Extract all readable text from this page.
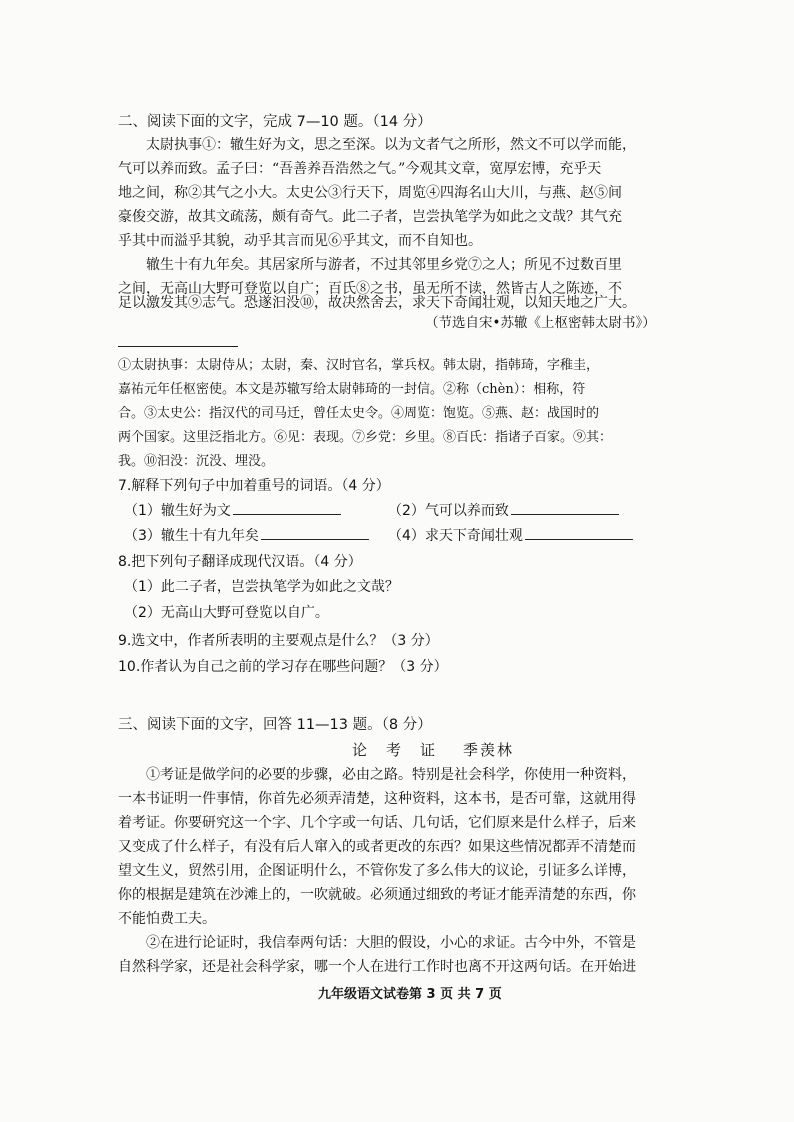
二、阅读下面的文字，完成 7—10 题。（14 分）
太尉执事①：辙生好为文，思之至深。以为文者气之所形，然文不可以学而能，
气可以养而致。孟子曰：“吾善养吾浩然之气。”今观其文章，宽厚宏博，充乎天
地之间，称②其气之小大。太史公③行天下，周览④四海名山大川，与燕、赵⑤间
豪俊交游，故其文疏荡，颇有奇气。此二子者，岂尝执笔学为如此之文哉？其气充
乎其中而溢乎其貌，动乎其言而见⑥乎其文，而不自知也。
辙生十有九年矣。其居家所与游者，不过其邻里乡党⑦之人；所见不过数百里
之间，无高山大野可登览以自广；百氏⑧之书，虽无所不读，然皆古人之陈迹，不
足以激发其⑨志气。恐遂汩没⑩，故决然舍去，求天下奇闻壮观，以知天地之广大。
（节选自宋•苏辙《上枢密韩太尉书》）
①太尉执事：太尉侍从；太尉，秦、汉时官名，掌兵权。韩太尉，指韩琦，字稚圭，
嘉祐元年任枢密使。本文是苏辙写给太尉韩琦的一封信。②称（chèn）：相称，符
合。③太史公：指汉代的司马迁，曾任太史令。④周览：饱览。⑤燕、赵：战国时的
两个国家。这里泛指北方。⑥见：表现。⑦乡党：乡里。⑧百氏：指诸子百家。⑨其：
我。⑩汩没：沉没、埋没。
7.解释下列句子中加着重号的词语。（4 分）
（1）辙生好为文	（2）气可以养而致
（3）辙生十有九年矣	（4）求天下奇闻壮观
8.把下列句子翻译成现代汉语。（4 分）
（1）此二子者，岂尝执笔学为如此之文哉？
（2）无高山大野可登览以自广。
9.选文中，作者所表明的主要观点是什么？（3 分）
10.作者认为自己之前的学习存在哪些问题？（3 分）
三、阅读下面的文字，回答 11—13 题。（8 分）
论　考　证 季羡林
①考证是做学问的必要的步骤，必由之路。特别是社会科学，你使用一种资料，
一本书证明一件事情，你首先必须弄清楚，这种资料，这本书，是否可靠，这就用得
着考证。你要研究这一个字、几个字或一句话、几句话，它们原来是什么样子，后来
又变成了什么样子，有没有后人窜入的或者更改的东西？如果这些情况都弄不清楚而
望文生义，贸然引用，企图证明什么，不管你发了多么伟大的议论，引证多么详博，
你的根据是建筑在沙滩上的，一吹就破。必须通过细致的考证才能弄清楚的东西，你
不能怕费工夫。
②在进行论证时，我信奉两句话：大胆的假设，小心的求证。古今中外，不管是
自然科学家，还是社会科学家，哪一个人在进行工作时也离不开这两句话。在开始进
九年级语文试卷第 3 页 共 7 页
